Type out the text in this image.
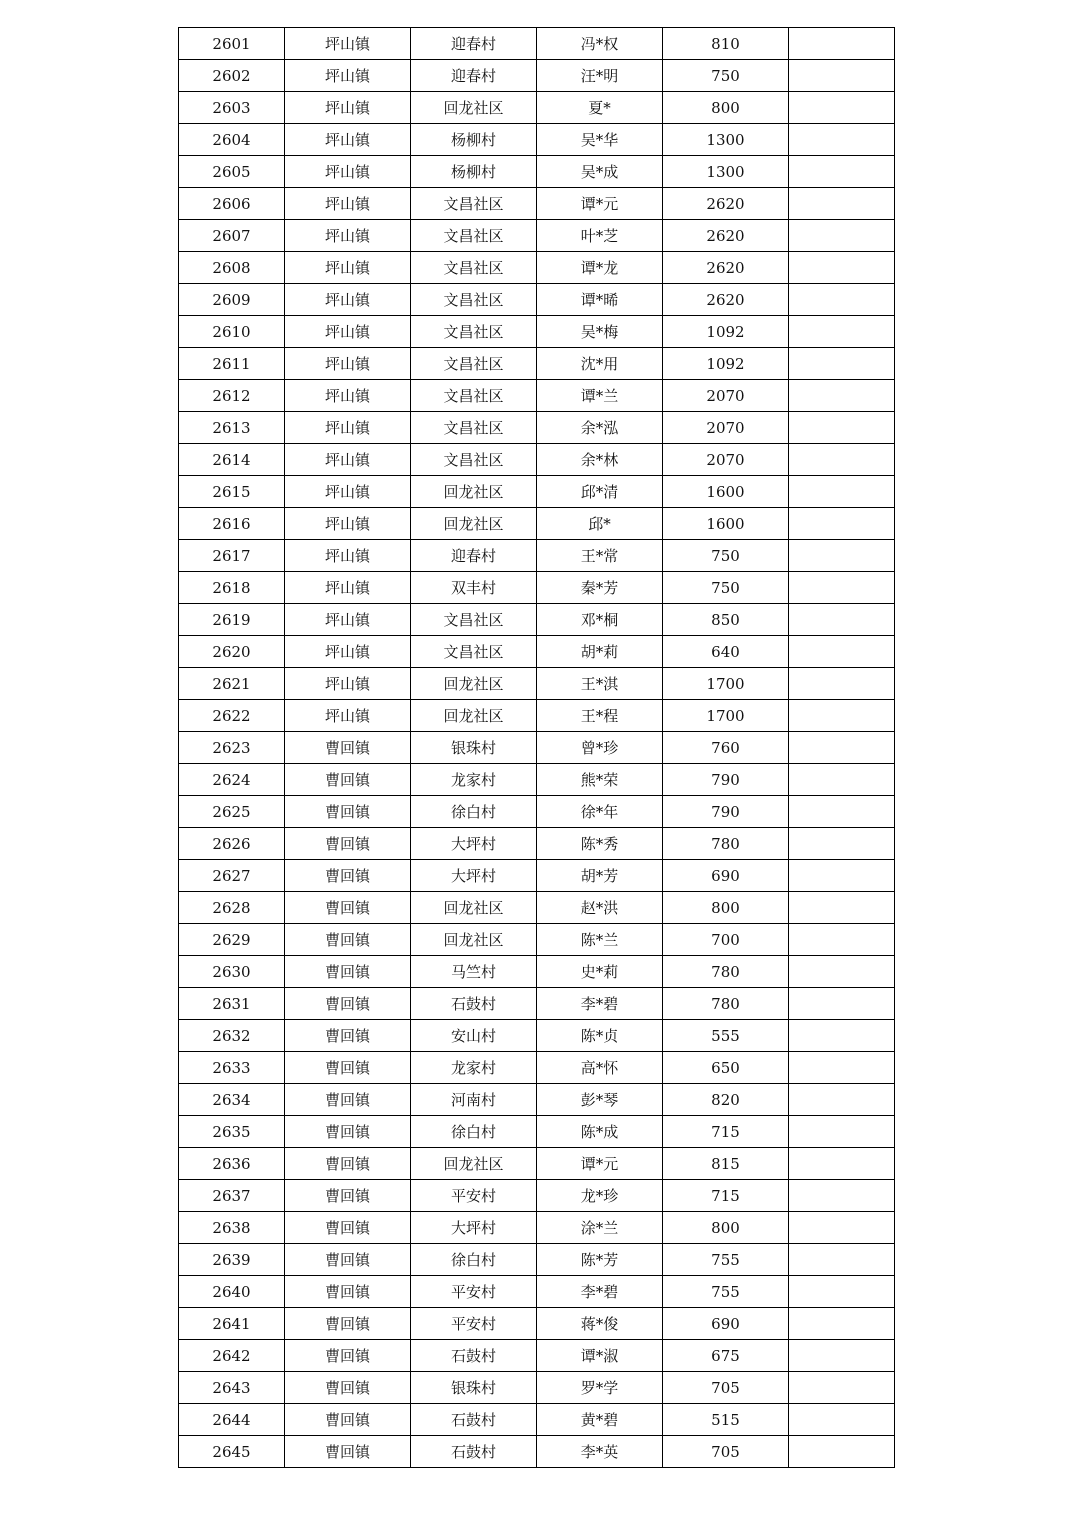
2601	坪山镇	迎春村	冯*权	810	
2602	坪山镇	迎春村	汪*明	750	
2603	坪山镇	回龙社区	夏*	800	
2604	坪山镇	杨柳村	吴*华	1300	
2605	坪山镇	杨柳村	吴*成	1300	
2606	坪山镇	文昌社区	谭*元	2620	
2607	坪山镇	文昌社区	叶*芝	2620	
2608	坪山镇	文昌社区	谭*龙	2620	
2609	坪山镇	文昌社区	谭*晞	2620	
2610	坪山镇	文昌社区	吴*梅	1092	
2611	坪山镇	文昌社区	沈*用	1092	
2612	坪山镇	文昌社区	谭*兰	2070	
2613	坪山镇	文昌社区	余*泓	2070	
2614	坪山镇	文昌社区	余*林	2070	
2615	坪山镇	回龙社区	邱*清	1600	
2616	坪山镇	回龙社区	邱*	1600	
2617	坪山镇	迎春村	王*常	750	
2618	坪山镇	双丰村	秦*芳	750	
2619	坪山镇	文昌社区	邓*桐	850	
2620	坪山镇	文昌社区	胡*莉	640	
2621	坪山镇	回龙社区	王*淇	1700	
2622	坪山镇	回龙社区	王*程	1700	
2623	曹回镇	银珠村	曾*珍	760	
2624	曹回镇	龙家村	熊*荣	790	
2625	曹回镇	徐白村	徐*年	790	
2626	曹回镇	大坪村	陈*秀	780	
2627	曹回镇	大坪村	胡*芳	690	
2628	曹回镇	回龙社区	赵*洪	800	
2629	曹回镇	回龙社区	陈*兰	700	
2630	曹回镇	马竺村	史*莉	780	
2631	曹回镇	石鼓村	李*碧	780	
2632	曹回镇	安山村	陈*贞	555	
2633	曹回镇	龙家村	高*怀	650	
2634	曹回镇	河南村	彭*琴	820	
2635	曹回镇	徐白村	陈*成	715	
2636	曹回镇	回龙社区	谭*元	815	
2637	曹回镇	平安村	龙*珍	715	
2638	曹回镇	大坪村	涂*兰	800	
2639	曹回镇	徐白村	陈*芳	755	
2640	曹回镇	平安村	李*碧	755	
2641	曹回镇	平安村	蒋*俊	690	
2642	曹回镇	石鼓村	谭*淑	675	
2643	曹回镇	银珠村	罗*学	705	
2644	曹回镇	石鼓村	黄*碧	515	
2645	曹回镇	石鼓村	李*英	705	
